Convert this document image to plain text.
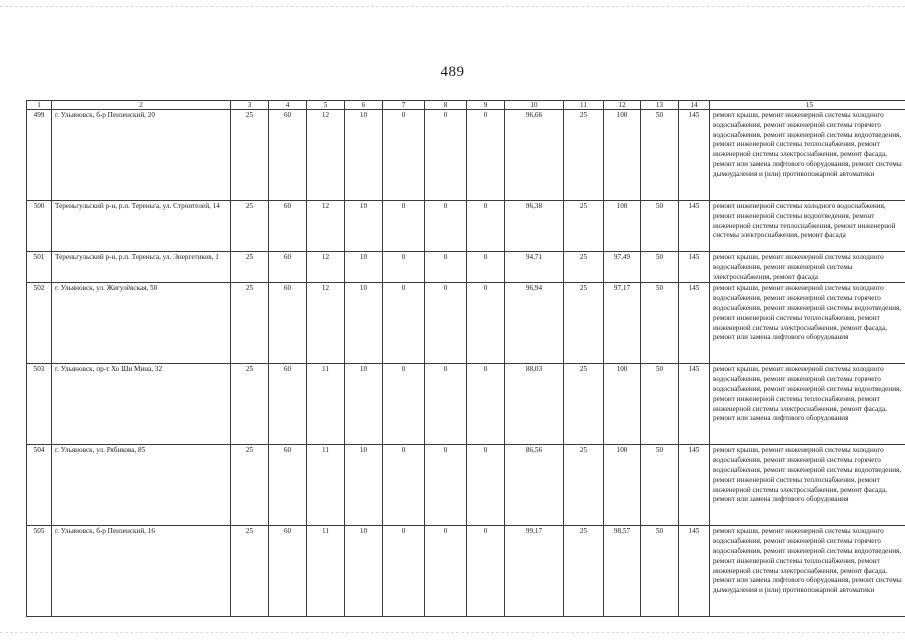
489
1	2	3	4	5	6	7	8	9	10	11	12	13	14	15
499	г. Ульяновск, б-р Пензенский, 20	25	60	12	10	0	0	0	96,66	25	100	50	145	ремонт крыши, ремонт инженерной системы холодного водоснабжения, ремонт инженерной системы горячего водоснабжения, ремонт инженерной системы водоотведения, ремонт инженерной системы теплоснабжения, ремонт инженерной системы электроснабжения, ремонт фасада, ремонт или замена лифтового оборудования, ремонт системы дымоудаления и (или) противопожарной автоматики
500	Тереньгульский р-н, р.п. Тереньга, ул. Строителей, 14	25	60	12	10	0	0	0	96,38	25	100	50	145	ремонт инженерной системы холодного водоснабжения, ремонт инженерной системы водоотведения, ремонт инженерной системы теплоснабжения, ремонт инженерной системы электроснабжения, ремонт фасада
501	Тереньгульский р-н, р.п. Тереньга, ул. Энергетиков, 1	25	60	12	10	0	0	0	94,71	25	97,49	50	145	ремонт крыши, ремонт инженерной системы холодного водоснабжения, ремонт инженерной системы электроснабжения, ремонт фасада
502	г. Ульяновск, ул. Жигулёвская, 50	25	60	12	10	0	0	0	96,94	25	97,17	50	145	ремонт крыши, ремонт инженерной системы холодного водоснабжения, ремонт инженерной системы горячего водоснабжения, ремонт инженерной системы водоотведения, ремонт инженерной системы теплоснабжения, ремонт инженерной системы электроснабжения, ремонт фасада, ремонт или замена лифтового оборудования
503	г. Ульяновск, пр-т Хо Ши Мина, 32	25	60	11	10	0	0	0	88,03	25	100	50	145	ремонт крыши, ремонт инженерной системы холодного водоснабжения, ремонт инженерной системы горячего водоснабжения, ремонт инженерной системы водоотведения, ремонт инженерной системы теплоснабжения, ремонт инженерной системы электроснабжения, ремонт фасада, ремонт или замена лифтового оборудования
504	г. Ульяновск, ул. Рябикова, 85	25	60	11	10	0	0	0	86,56	25	100	50	145	ремонт крыши, ремонт инженерной системы холодного водоснабжения, ремонт инженерной системы горячего водоснабжения, ремонт инженерной системы водоотведения, ремонт инженерной системы теплоснабжения, ремонт инженерной системы электроснабжения, ремонт фасада, ремонт или замена лифтового оборудования
505	г. Ульяновск, б-р Пензенский, 16	25	60	11	10	0	0	0	99,17	25	98,57	50	145	ремонт крыши, ремонт инженерной системы холодного водоснабжения, ремонт инженерной системы горячего водоснабжения, ремонт инженерной системы водоотведения, ремонт инженерной системы теплоснабжения, ремонт инженерной системы электроснабжения, ремонт фасада, ремонт или замена лифтового оборудования, ремонт системы дымоудаления и (или) противопожарной автоматики
